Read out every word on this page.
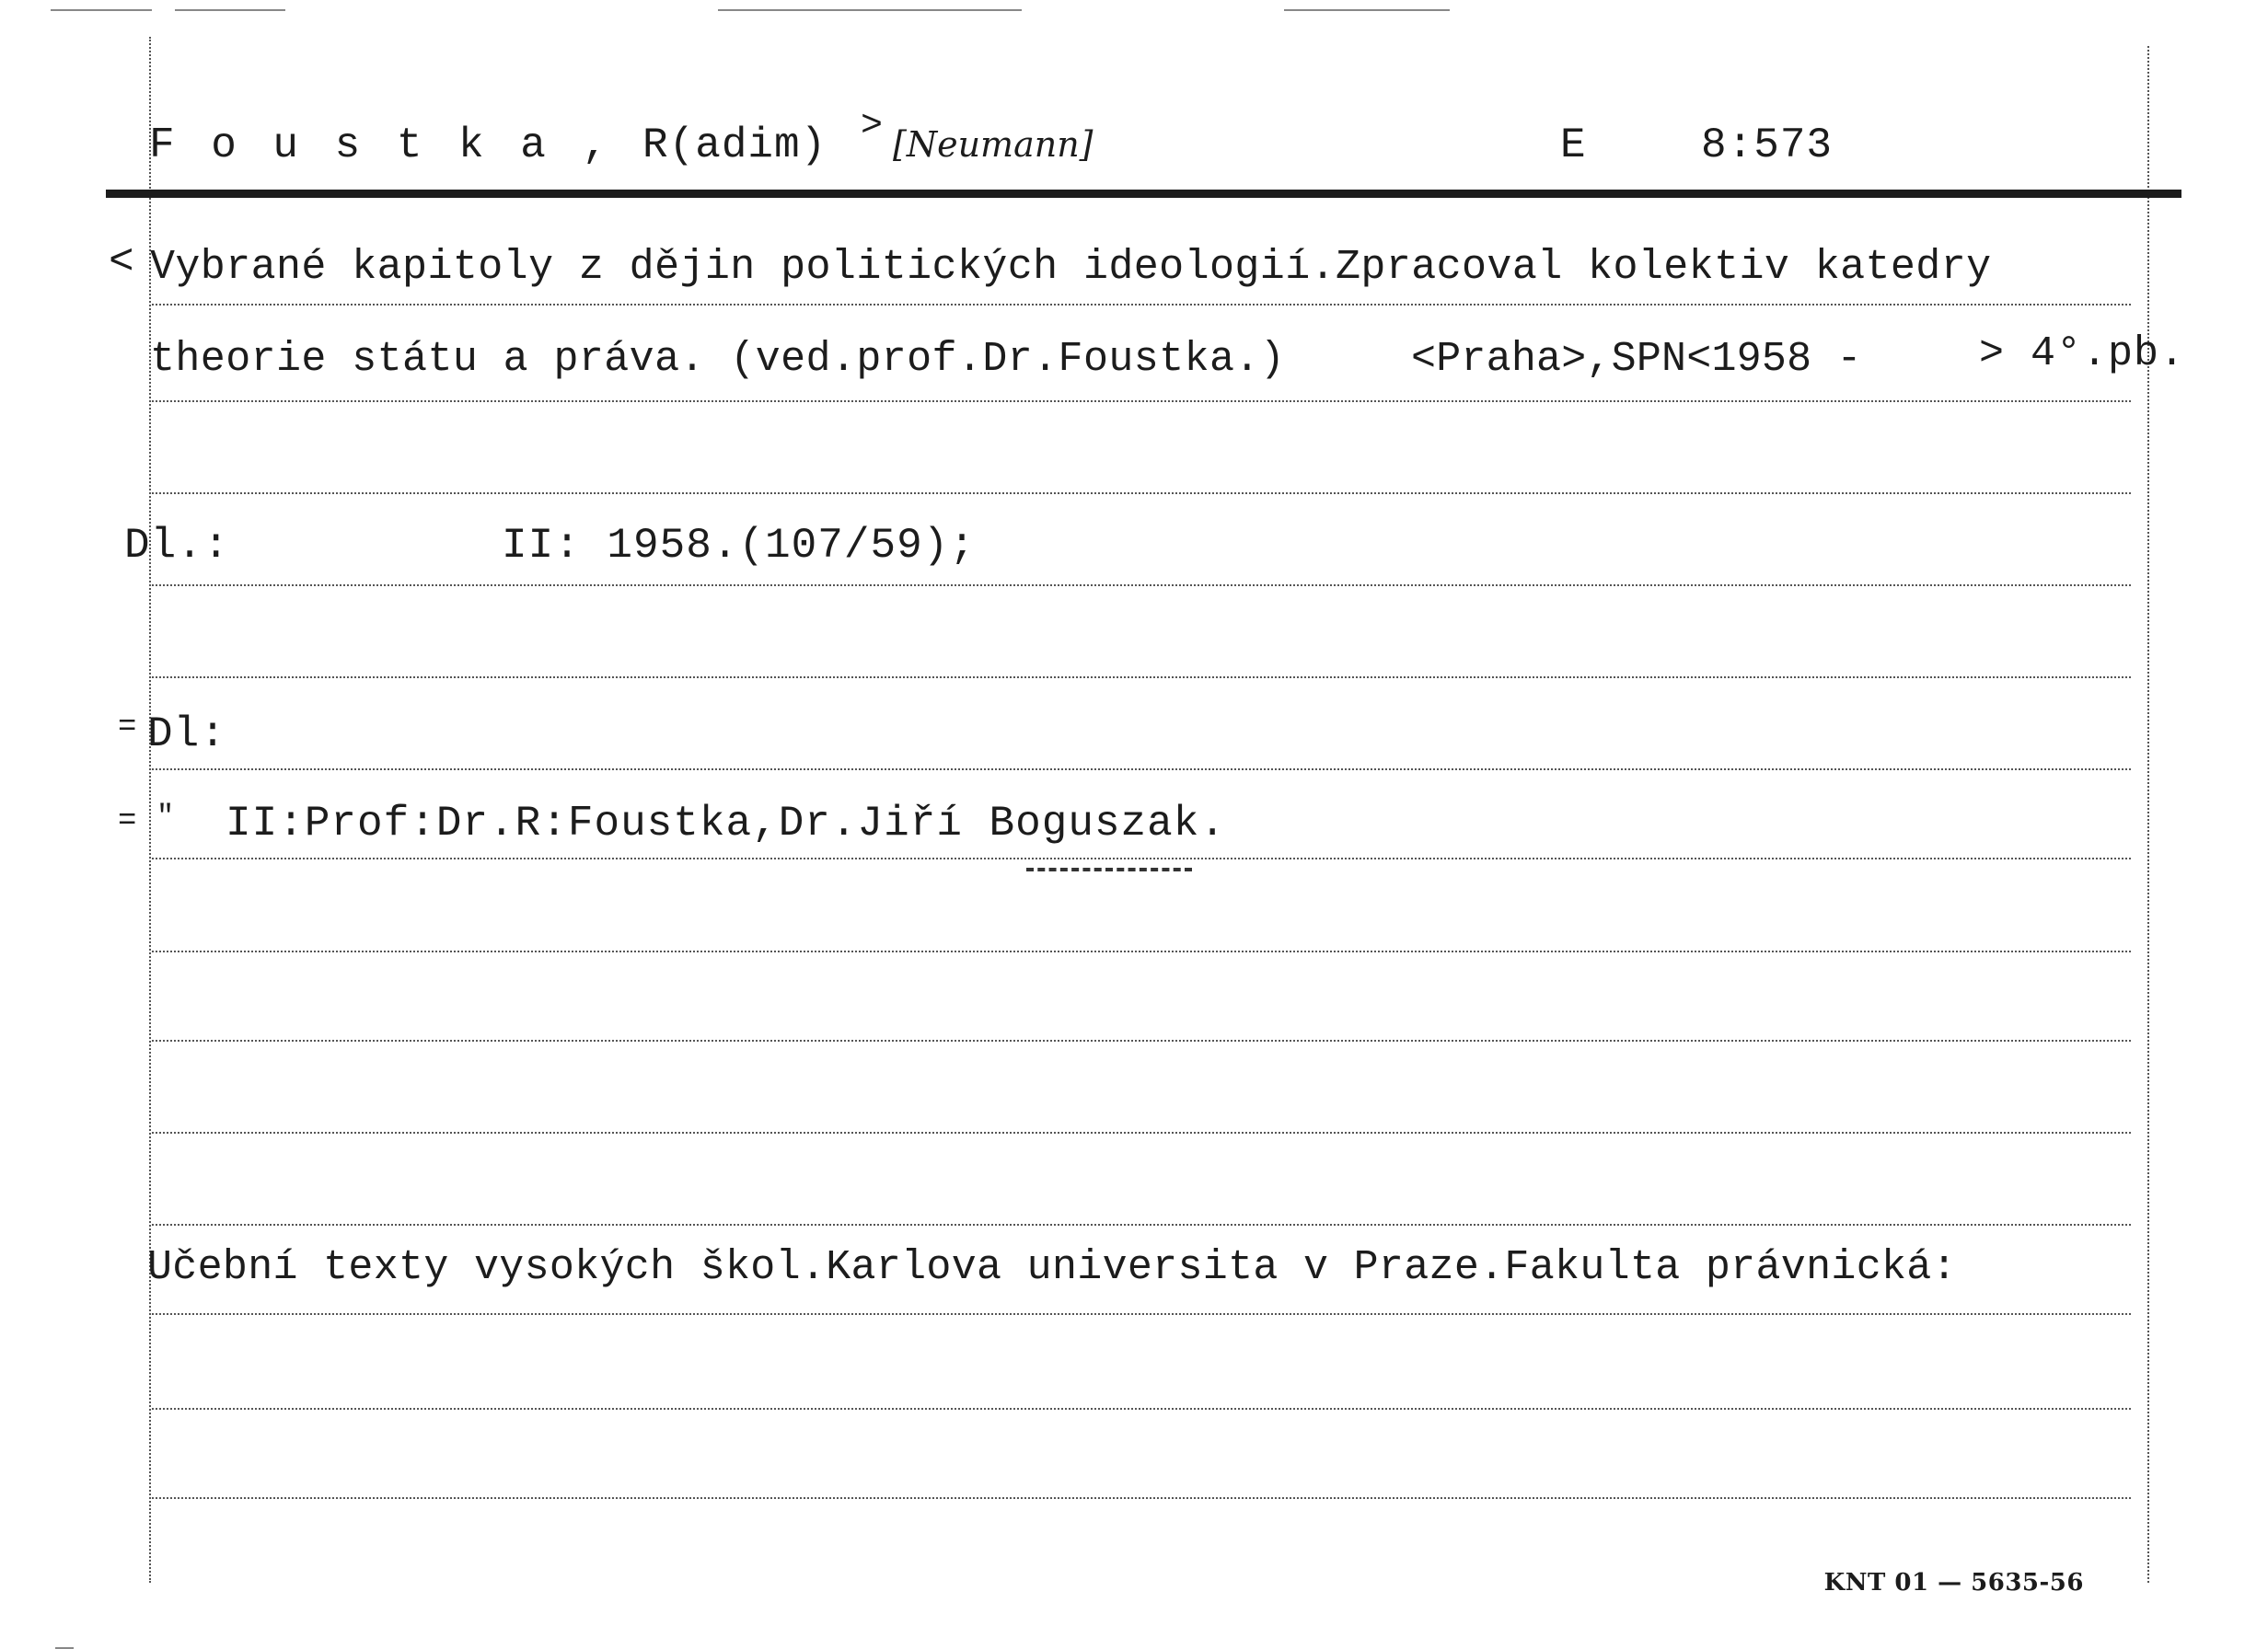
F o u s t k a , R(adim) > [Neumann]	E	8:573
< Vybrané kapitoly z dějin politických ideologií.Zpracoval kolektiv katedry
theorie státu a práva. (ved.prof.Dr.Foustka.)	<Praha>,SPN<1958 -	> 4°.pb.
Dl.:	II: 1958.(107/59);
= Dl:
= " II:Prof:Dr.R:Foustka,Dr.Jiří Boguszak.
Učební texty vysokých škol.Karlova universita v Praze.Fakulta právnická:
KNT 01 — 5635-56
